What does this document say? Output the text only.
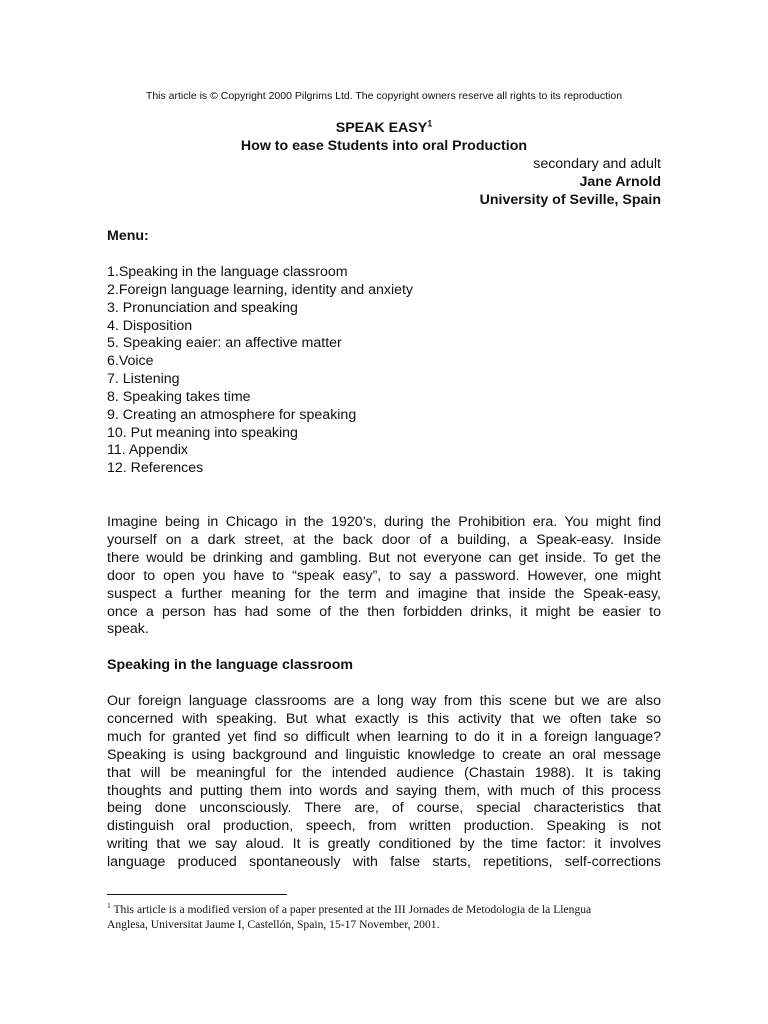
This article is © Copyright 2000 Pilgrims Ltd. The copyright owners reserve all rights to its reproduction
SPEAK EASY$^1$
How to ease Students into oral Production
secondary and adult
Jane Arnold
University of Seville, Spain
Menu:
1.Speaking in the language classroom
2.Foreign language learning, identity and anxiety
3. Pronunciation and speaking
4. Disposition
5. Speaking eaier: an affective matter
6.Voice
7. Listening
8. Speaking takes time
9. Creating an atmosphere for speaking
10. Put meaning into speaking
11. Appendix
12. References
Imagine being in Chicago in the 1920’s, during the Prohibition era. You might find
yourself on a dark street, at the back door of a building, a Speak-easy. Inside
there would be drinking and gambling. But not everyone can get inside. To get the
door to open you have to “speak easy”, to say a password. However, one might
suspect a further meaning for the term and imagine that inside the Speak-easy,
once a person has had some of the then forbidden drinks, it might be easier to
speak.
Speaking in the language classroom
Our foreign language classrooms are a long way from this scene but we are also
concerned with speaking. But what exactly is this activity that we often take so
much for granted yet find so difficult when learning to do it in a foreign language?
Speaking is using background and linguistic knowledge to create an oral message
that will be meaningful for the intended audience (Chastain 1988). It is taking
thoughts and putting them into words and saying them, with much of this process
being done unconsciously. There are, of course, special characteristics that
distinguish oral production, speech, from written production. Speaking is not
writing that we say aloud. It is greatly conditioned by the time factor: it involves
language produced spontaneously with false starts, repetitions, self-corrections
$^1$ This article is a modified version of a paper presented at the III Jornades de Metodologia de la Llengua
Anglesa, Universitat Jaume I, Castellón, Spain, 15-17 November, 2001.
